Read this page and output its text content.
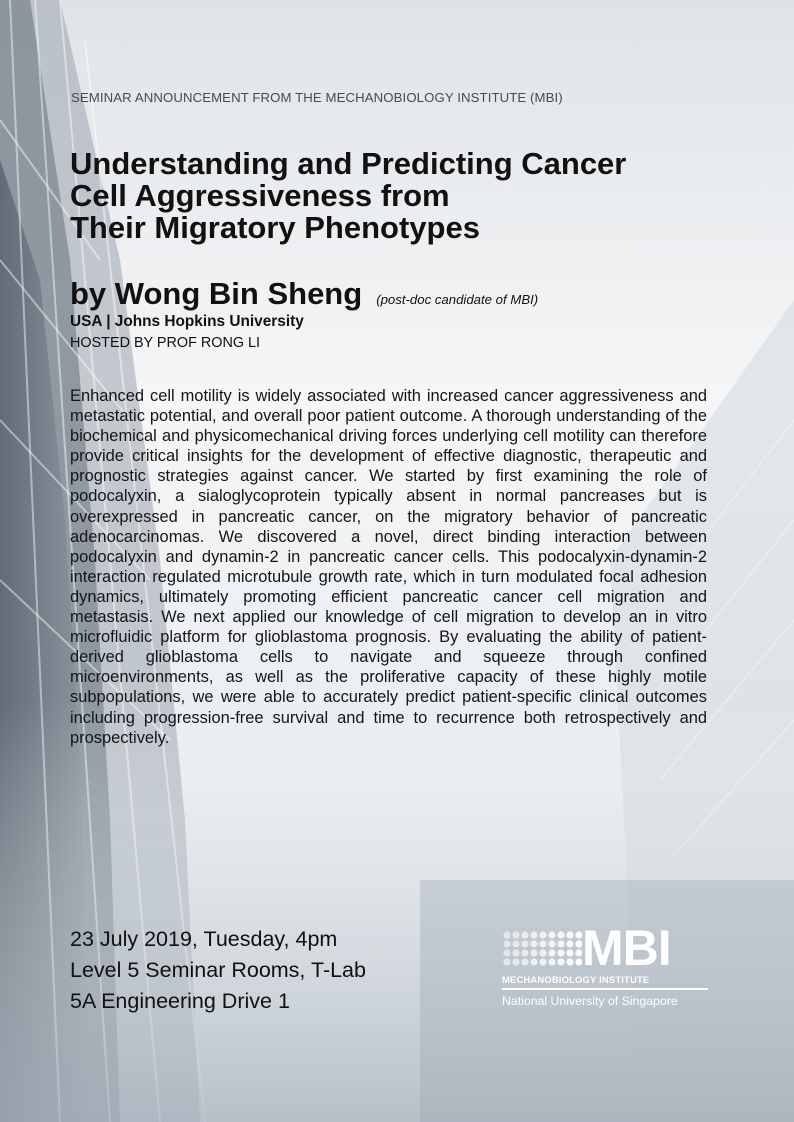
SEMINAR ANNOUNCEMENT FROM THE MECHANOBIOLOGY INSTITUTE (MBI)
Understanding and Predicting Cancer
Cell Aggressiveness from
Their Migratory Phenotypes
by Wong Bin Sheng (post-doc candidate of MBI)
USA | Johns Hopkins University
HOSTED BY PROF RONG LI
Enhanced cell motility is widely associated with increased cancer aggressiveness and metastatic potential, and overall poor patient outcome. A thorough understanding of the biochemical and physicomechanical driving forces underlying cell motility can therefore provide critical insights for the development of effective diagnostic, therapeutic and prognostic strategies against cancer. We started by first examining the role of podocalyxin, a sialoglycoprotein typically absent in normal pancreases but is overexpressed in pancreatic cancer, on the migratory behavior of pancreatic adenocarcinomas. We discovered a novel, direct binding interaction between podocalyxin and dynamin-2 in pancreatic cancer cells. This podocalyxin-dynamin-2 interaction regulated microtubule growth rate, which in turn modulated focal adhesion dynamics, ultimately promoting efficient pancreatic cancer cell migration and metastasis. We next applied our knowledge of cell migration to develop an in vitro microfluidic platform for glioblastoma prognosis. By evaluating the ability of patient-derived glioblastoma cells to navigate and squeeze through confined microenvironments, as well as the proliferative capacity of these highly motile subpopulations, we were able to accurately predict patient-specific clinical outcomes including progression-free survival and time to recurrence both retrospectively and prospectively.
23 July 2019, Tuesday, 4pm
Level 5 Seminar Rooms, T-Lab
5A Engineering Drive 1
MBI
MECHANOBIOLOGY INSTITUTE
National University of Singapore
